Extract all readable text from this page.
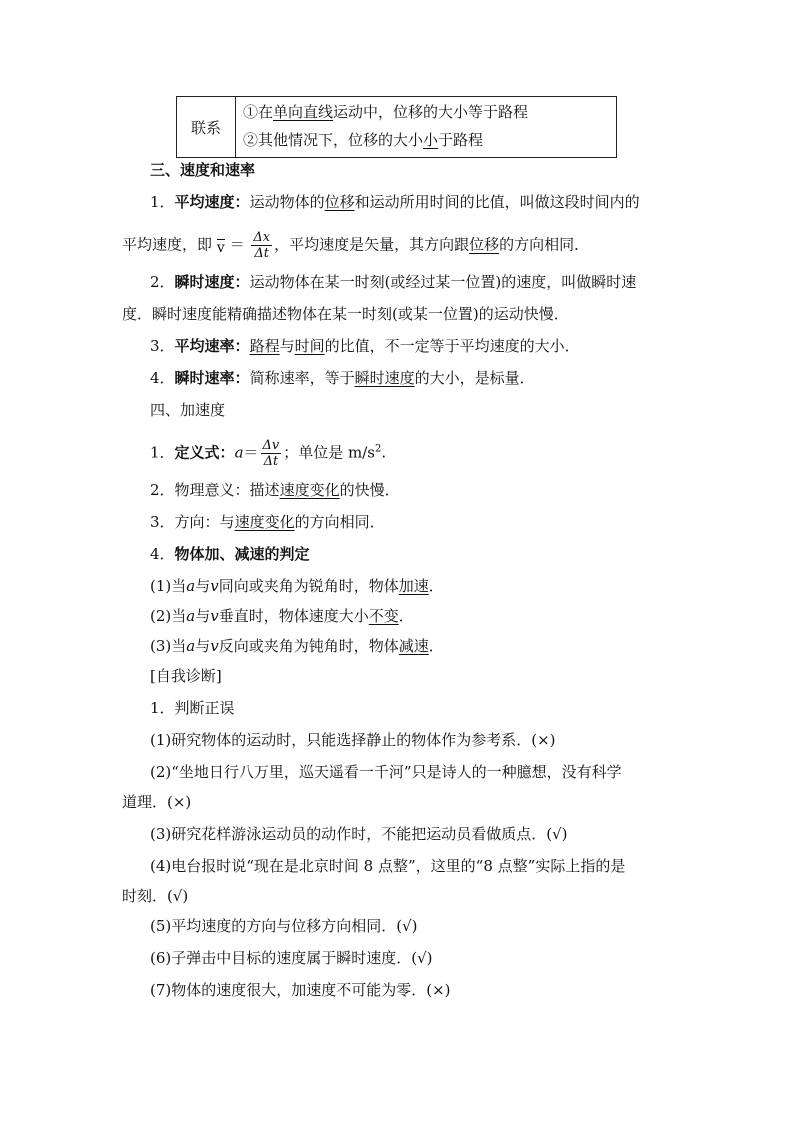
联系
①在单向直线运动中，位移的大小等于路程
②其他情况下，位移的大小小于路程
三、速度和速率
1．平均速度：运动物体的位移和运动所用时间的比值，叫做这段时间内的
平均速度，即 $v = \frac{\Delta x}{\Delta t}$ ，平均速度是矢量，其方向跟位移的方向相同．
2．瞬时速度：运动物体在某一时刻(或经过某一位置)的速度，叫做瞬时速
度．瞬时速度能精确描述物体在某一时刻(或某一位置)的运动快慢．
3．平均速率：路程与时间的比值，不一定等于平均速度的大小．
4．瞬时速率：简称速率，等于瞬时速度的大小，是标量．
四、加速度
1．定义式：$a= \frac{\Delta v}{\Delta t}$ ；单位是 $m/s^2$.
2．物理意义：描述速度变化的快慢．
3．方向：与速度变化的方向相同．
4．物体加、减速的判定
(1)当a与v同向或夹角为锐角时，物体加速．
(2)当a与v垂直时，物体速度大小不变．
(3)当a与v反向或夹角为钝角时，物体减速．
[自我诊断]
1．判断正误
(1)研究物体的运动时，只能选择静止的物体作为参考系．(×)
(2)“坐地日行八万里，巡天遥看一千河”只是诗人的一种臆想，没有科学
道理．(×)
(3)研究花样游泳运动员的动作时，不能把运动员看做质点．(√)
(4)电台报时说“现在是北京时间 8 点整”，这里的“8 点整”实际上指的是
时刻．(√)
(5)平均速度的方向与位移方向相同．(√)
(6)子弹击中目标的速度属于瞬时速度．(√)
(7)物体的速度很大，加速度不可能为零．(×)
